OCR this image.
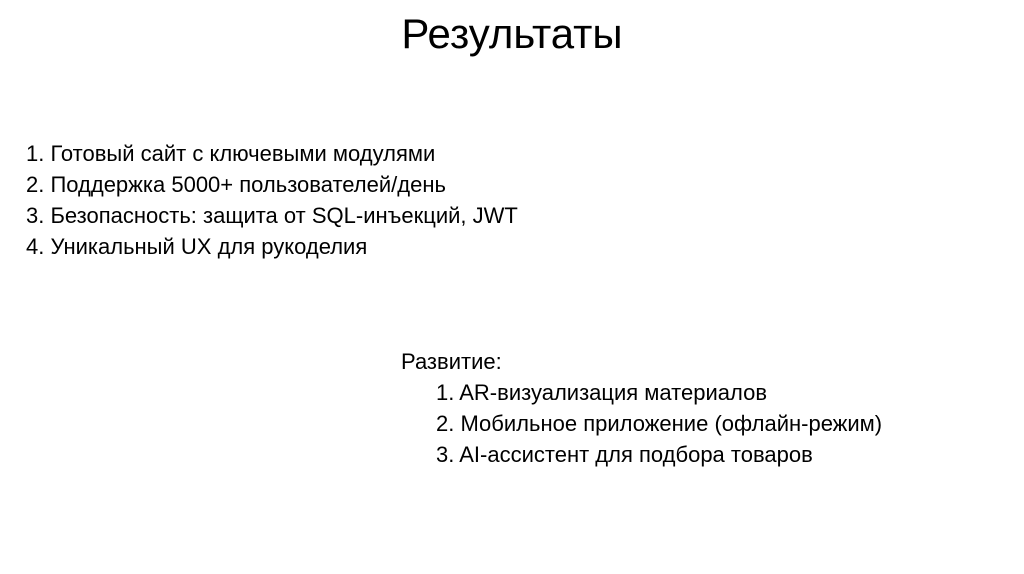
Результаты
1. Готовый сайт с ключевыми модулями
2. Поддержка 5000+ пользователей/день
3. Безопасность: защита от SQL-инъекций, JWT
4. Уникальный UX для рукоделия

Развитие:

1. AR-визуализация материалов
2. Мобильное приложение (офлайн-режим)
3. AI-ассистент для подбора товаров
